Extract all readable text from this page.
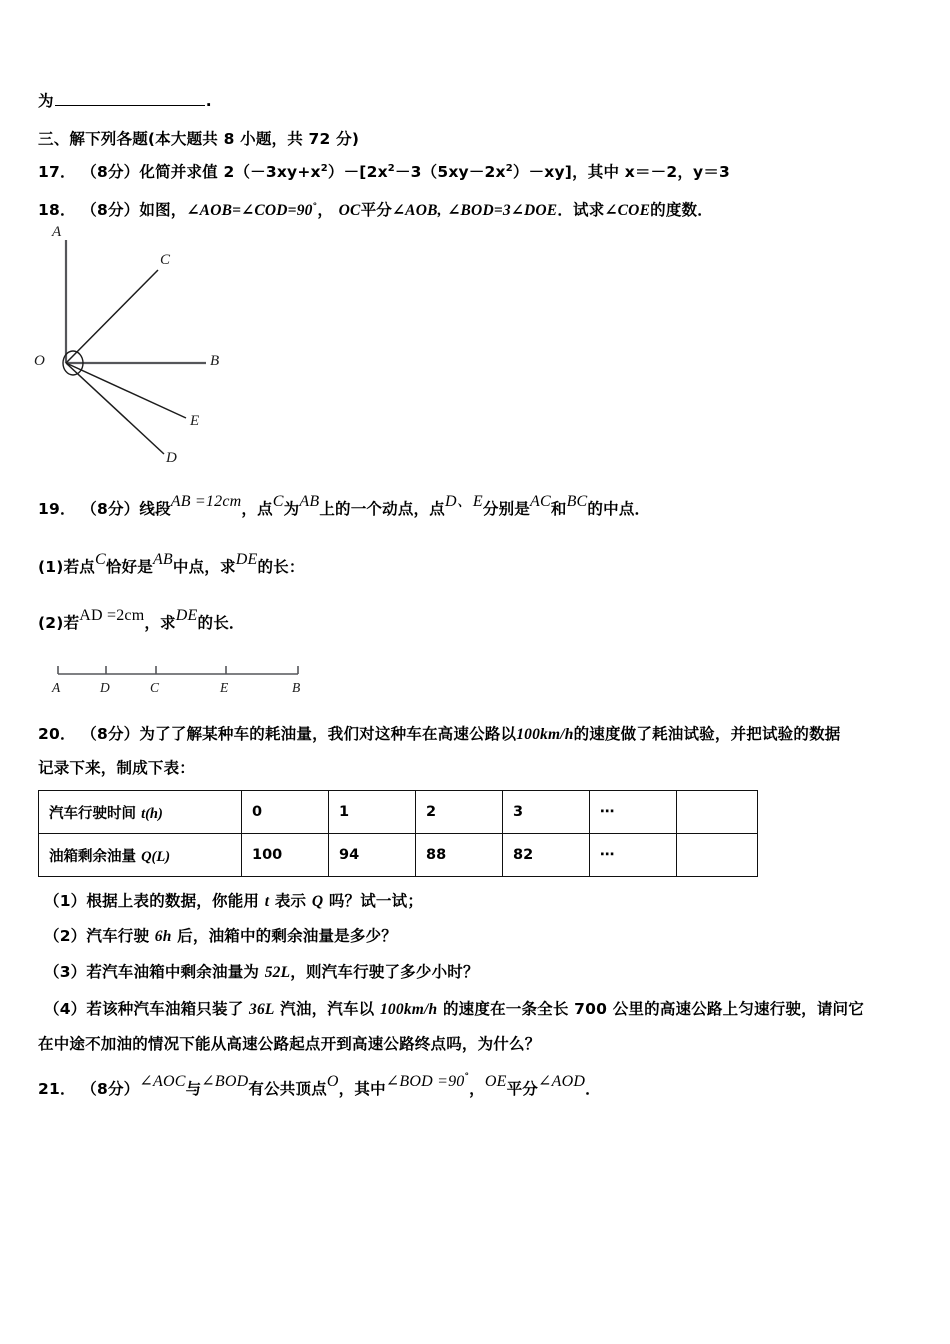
为	.
三、解下列各题(本大题共 8 小题，共 72 分)
17． （8分）化简并求值 $2(-3xy+x^2)-[2x^2-3(5xy-2x^2)-xy]$，其中 x＝－2，y＝3
18． （8分）如图，∠AOB=∠COD=90°， OC平分∠AOB, ∠BOD=3∠DOE．试求∠COE的度数．
A
C
O	B
E
D
19． （8分）线段AB =12cm，点C为AB上的一个动点，点D、E分别是AC和BC的中点．
(1)若点C恰好是AB中点，求DE的长：
(2)若AD =2cm，求DE的长．
A	D	C	E	B
20． （8分）为了了解某种车的耗油量，我们对这种车在高速公路以100km/h的速度做了耗油试验，并把试验的数据
记录下来，制成下表：
汽车行驶时间 t(h)	0	1	2	3	⋯	
油箱剩余油量 Q(L)	100	94	88	82	⋯	
（1）根据上表的数据，你能用 t 表示 Q 吗？试一试；
（2）汽车行驶 6h 后，油箱中的剩余油量是多少？
（3）若汽车油箱中剩余油量为 52L，则汽车行驶了多少小时？
（4）若该种汽车油箱只装了 36L 汽油，汽车以 100km/h 的速度在一条全长 700 公里的高速公路上匀速行驶，请问它
在中途不加油的情况下能从高速公路起点开到高速公路终点吗，为什么？
21． （8分）∠AOC与∠BOD有公共顶点O，其中∠BOD =90°，OE平分∠AOD．
